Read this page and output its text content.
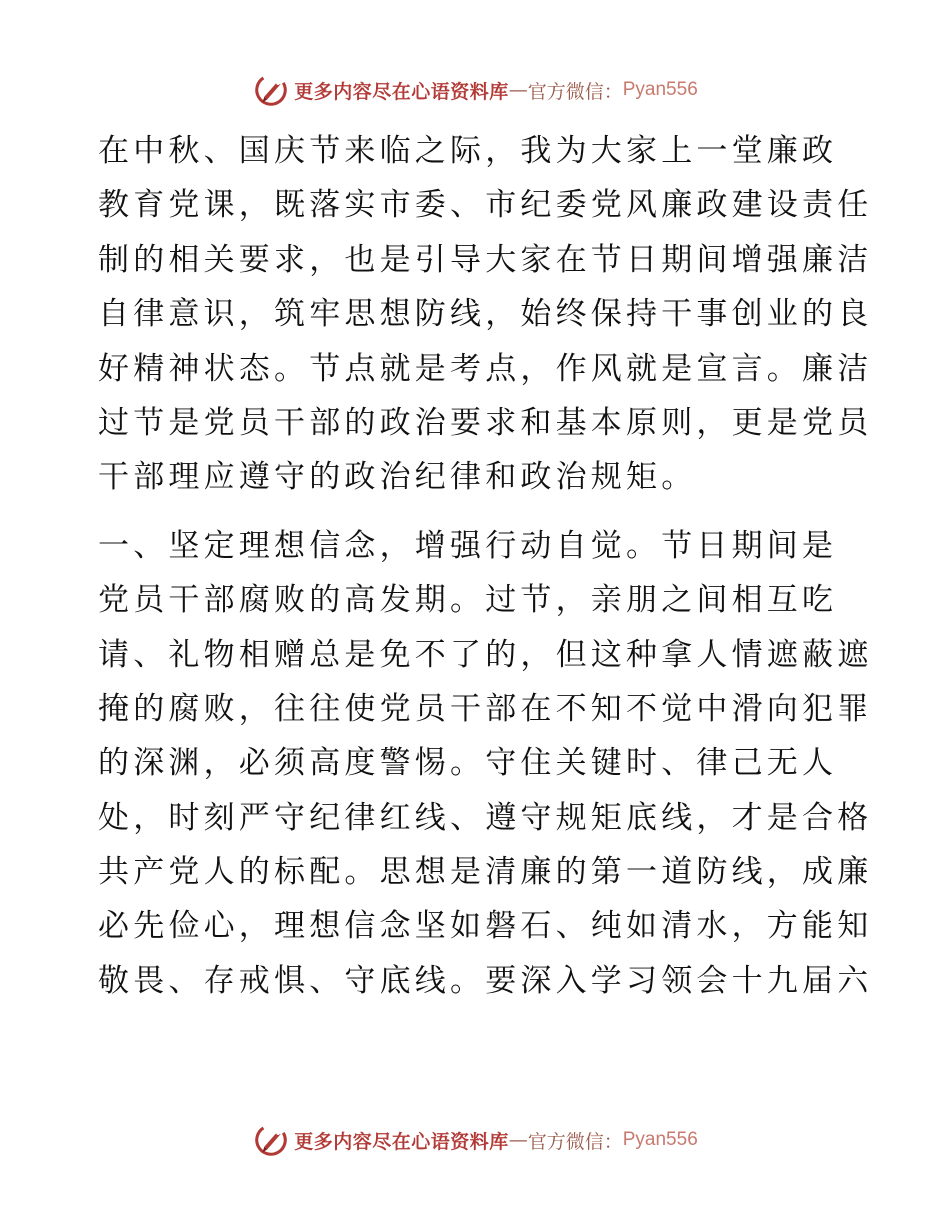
更多内容尽在心语资料库 — 官方微信： Pyan556
在中秋、国庆节来临之际，我为大家上一堂廉政
教育党课，既落实市委、市纪委党风廉政建设责任
制的相关要求，也是引导大家在节日期间增强廉洁
自律意识，筑牢思想防线，始终保持干事创业的良
好精神状态。节点就是考点，作风就是宣言。廉洁
过节是党员干部的政治要求和基本原则，更是党员
干部理应遵守的政治纪律和政治规矩。
一、坚定理想信念，增强行动自觉。节日期间是
党员干部腐败的高发期。过节，亲朋之间相互吃
请、礼物相赠总是免不了的，但这种拿人情遮蔽遮
掩的腐败，往往使党员干部在不知不觉中滑向犯罪
的深渊，必须高度警惕。守住关键时、律己无人
处，时刻严守纪律红线、遵守规矩底线，才是合格
共产党人的标配。思想是清廉的第一道防线，成廉
必先俭心，理想信念坚如磐石、纯如清水，方能知
敬畏、存戒惧、守底线。要深入学习领会十九届六
更多内容尽在心语资料库 — 官方微信： Pyan556
